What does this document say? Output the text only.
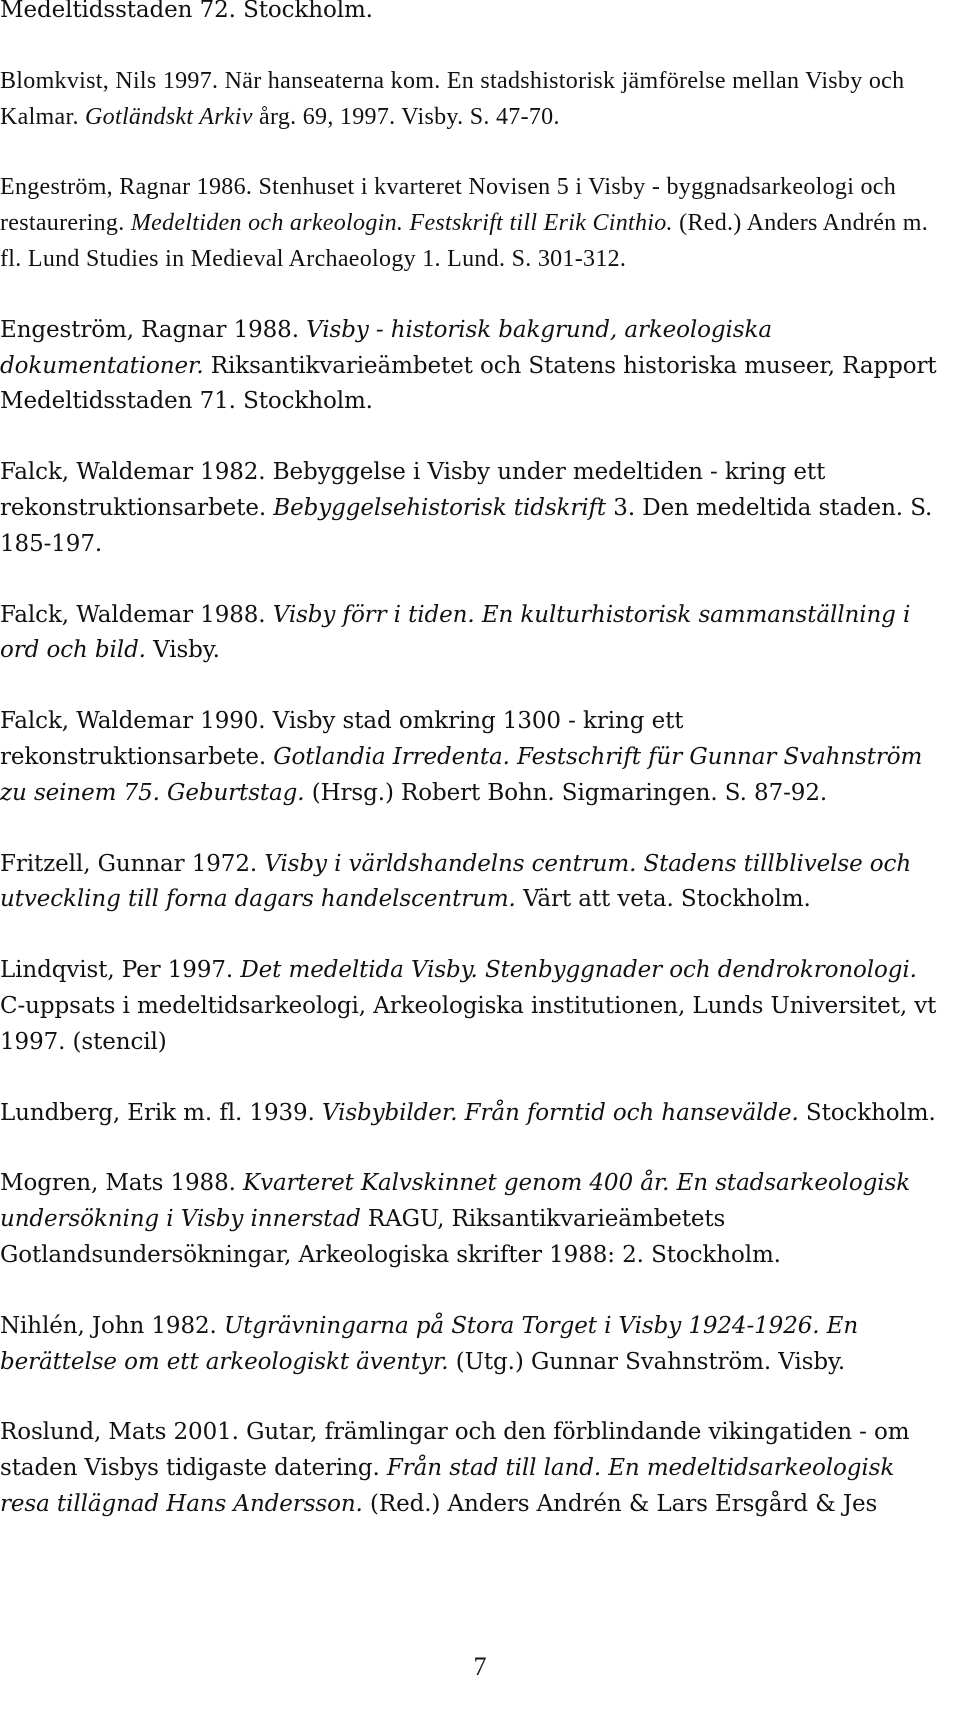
Medeltidsstaden 72. Stockholm.

Blomkvist, Nils 1997. När hanseaterna kom. En stadshistorisk jämförelse mellan Visby och Kalmar. Gotländskt Arkiv årg. 69, 1997. Visby. S. 47-70.

Engeström, Ragnar 1986. Stenhuset i kvarteret Novisen 5 i Visby - byggnadsarkeologi och restaurering. Medeltiden och arkeologin. Festskrift till Erik Cinthio. (Red.) Anders Andrén m. fl. Lund Studies in Medieval Archaeology 1. Lund. S. 301-312.

Engeström, Ragnar 1988. Visby - historisk bakgrund, arkeologiska dokumentationer. Riksantikvarieämbetet och Statens historiska museer, Rapport Medeltidsstaden 71. Stockholm.

Falck, Waldemar 1982. Bebyggelse i Visby under medeltiden - kring ett rekonstruktionsarbete. Bebyggelsehistorisk tidskrift 3. Den medeltida staden. S. 185-197.

Falck, Waldemar 1988. Visby förr i tiden. En kulturhistorisk sammanställning i ord och bild. Visby.

Falck, Waldemar 1990. Visby stad omkring 1300 - kring ett rekonstruktionsarbete. Gotlandia Irredenta. Festschrift für Gunnar Svahnström zu seinem 75. Geburtstag. (Hrsg.) Robert Bohn. Sigmaringen. S. 87-92.

Fritzell, Gunnar 1972. Visby i världshandelns centrum. Stadens tillblivelse och utveckling till forna dagars handelscentrum. Värt att veta. Stockholm.

Lindqvist, Per 1997. Det medeltida Visby. Stenbyggnader och dendrokronologi. C-uppsats i medeltidsarkeologi, Arkeologiska institutionen, Lunds Universitet, vt 1997. (stencil)

Lundberg, Erik m. fl. 1939. Visbybilder. Från forntid och hansevälde. Stockholm.

Mogren, Mats 1988. Kvarteret Kalvskinnet genom 400 år. En stadsarkeologisk undersökning i Visby innerstad RAGU, Riksantikvarieämbetets Gotlandsundersökningar, Arkeologiska skrifter 1988: 2. Stockholm.

Nihlén, John 1982. Utgrävningarna på Stora Torget i Visby 1924-1926. En berättelse om ett arkeologiskt äventyr. (Utg.) Gunnar Svahnström. Visby.

Roslund, Mats 2001. Gutar, främlingar och den förblindande vikingatiden - om staden Visbys tidigaste datering. Från stad till land. En medeltidsarkeologisk resa tillägnad Hans Andersson. (Red.) Anders Andrén & Lars Ersgård & Jes

7
